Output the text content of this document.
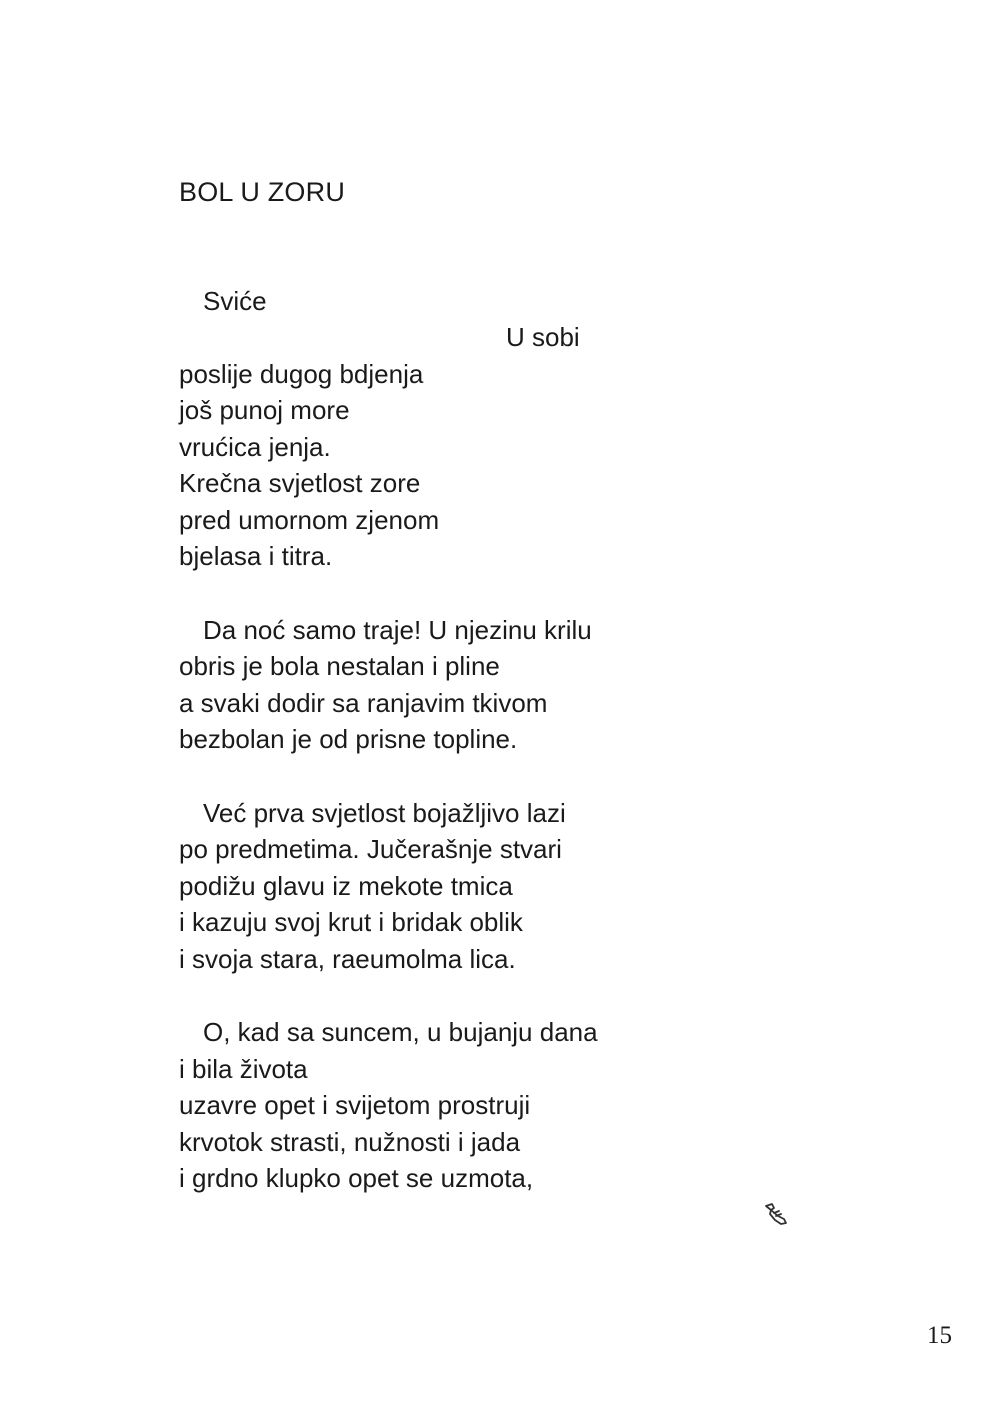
BOL U ZORU
Sviće
U sobi
poslije dugog bdjenja
još punoj more
vrućica jenja.
Krečna svjetlost zore
pred umornom zjenom
bjelasa i titra.
Da noć samo traje! U njezinu krilu
obris je bola nestalan i pline
a svaki dodir sa ranjavim tkivom
bezbolan je od prisne topline.
Već prva svjetlost bojažljivo lazi
po predmetima. Jučerašnje stvari
podižu glavu iz mekote tmica
i kazuju svoj krut i bridak oblik
i svoja stara, raeumolma lica.
O, kad sa suncem, u bujanju dana
i bila života
uzavre opet i svijetom prostruji
krvotok strasti, nužnosti i jada
i grdno klupko opet se uzmota,
15
